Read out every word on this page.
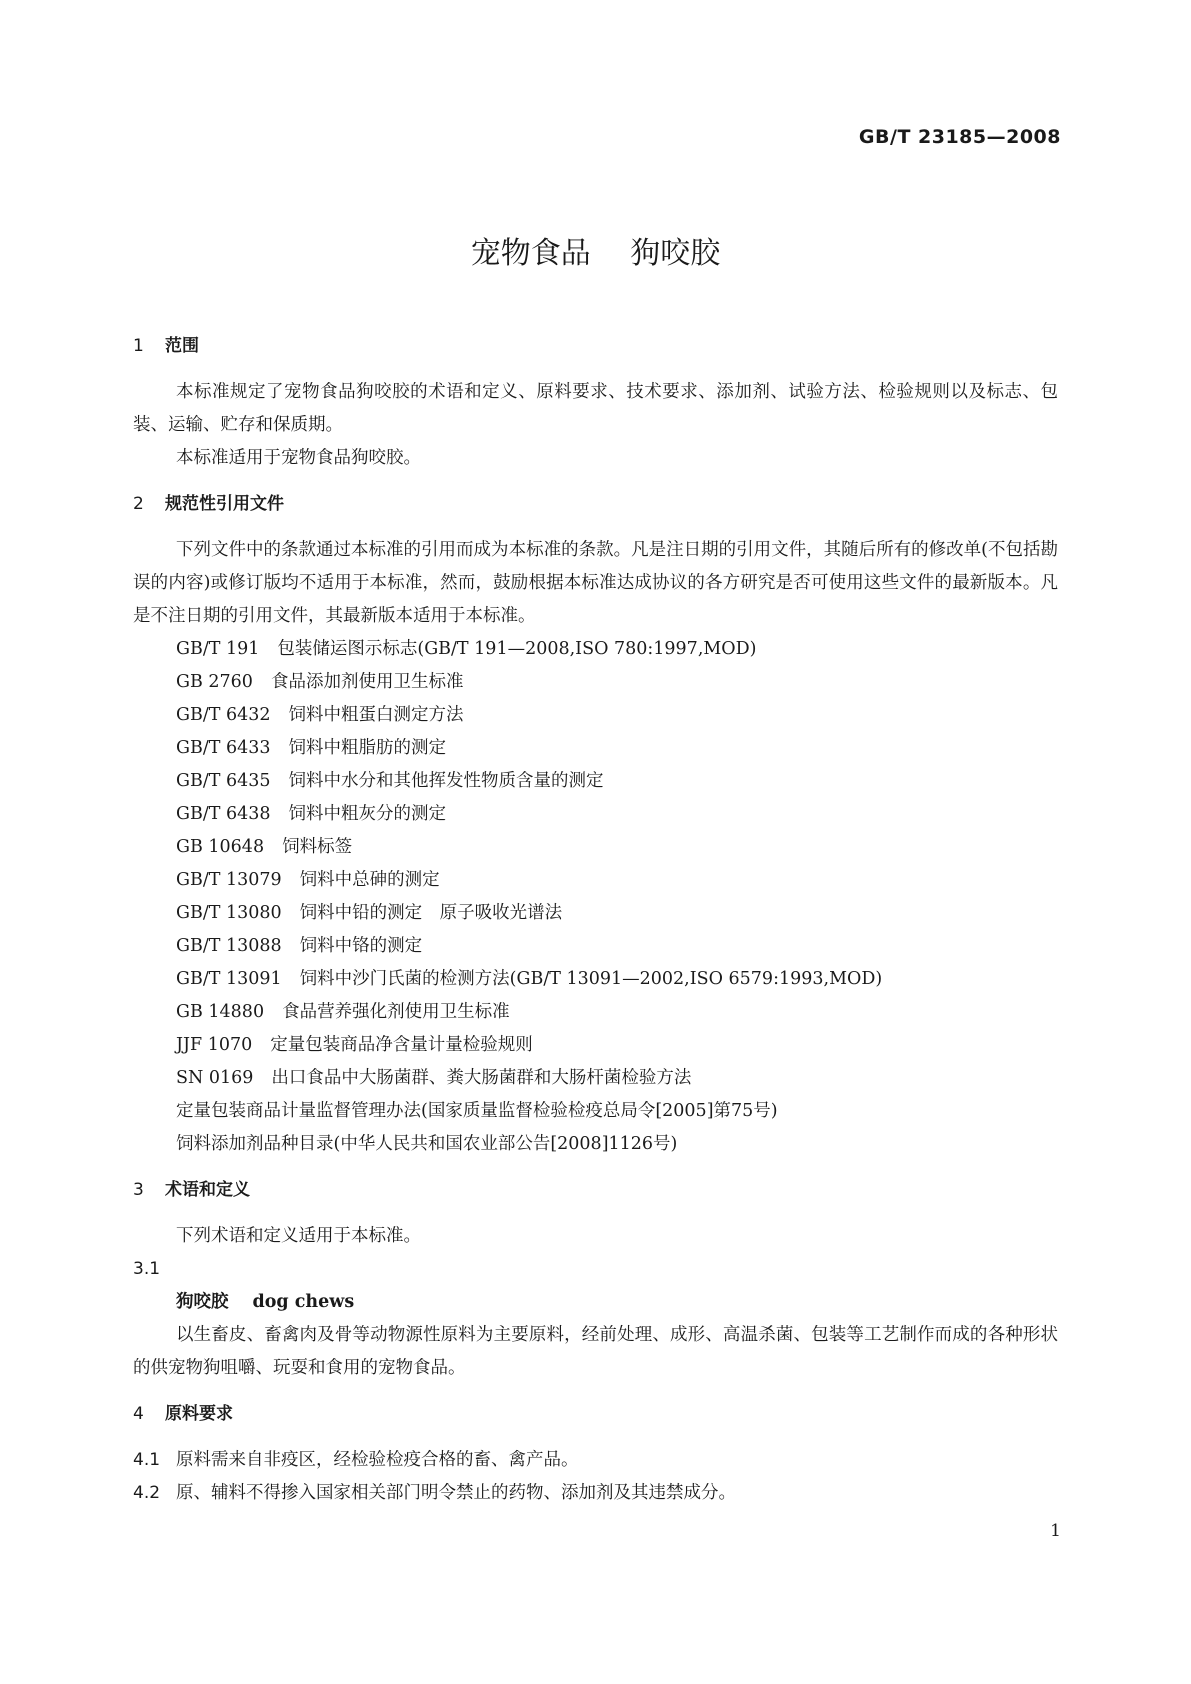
GB/T 23185—2008
宠物食品 狗咬胶
1 范围

本标准规定了宠物食品狗咬胶的术语和定义、原料要求、技术要求、添加剂、试验方法、检验规则以及标志、包装、运输、贮存和保质期。

本标准适用于宠物食品狗咬胶。

2 规范性引用文件

下列文件中的条款通过本标准的引用而成为本标准的条款。凡是注日期的引用文件，其随后所有的修改单(不包括勘误的内容)或修订版均不适用于本标准，然而，鼓励根据本标准达成协议的各方研究是否可使用这些文件的最新版本。凡是不注日期的引用文件，其最新版本适用于本标准。

GB/T 191 包装储运图示标志(GB/T 191—2008,ISO 780:1997,MOD)

GB 2760 食品添加剂使用卫生标准

GB/T 6432 饲料中粗蛋白测定方法

GB/T 6433 饲料中粗脂肪的测定

GB/T 6435 饲料中水分和其他挥发性物质含量的测定

GB/T 6438 饲料中粗灰分的测定

GB 10648 饲料标签

GB/T 13079 饲料中总砷的测定

GB/T 13080 饲料中铅的测定　原子吸收光谱法

GB/T 13088 饲料中铬的测定

GB/T 13091 饲料中沙门氏菌的检测方法(GB/T 13091—2002,ISO 6579:1993,MOD)

GB 14880 食品营养强化剂使用卫生标准

JJF 1070 定量包装商品净含量计量检验规则

SN 0169 出口食品中大肠菌群、粪大肠菌群和大肠杆菌检验方法

定量包装商品计量监督管理办法(国家质量监督检验检疫总局令[2005]第75号)

饲料添加剂品种目录(中华人民共和国农业部公告[2008]1126号)

3 术语和定义

下列术语和定义适用于本标准。

3.1

狗咬胶 dog chews

以生畜皮、畜禽肉及骨等动物源性原料为主要原料，经前处理、成形、高温杀菌、包装等工艺制作而成的各种形状的供宠物狗咀嚼、玩耍和食用的宠物食品。

4 原料要求

4.1 原料需来自非疫区，经检验检疫合格的畜、禽产品。

4.2 原、辅料不得掺入国家相关部门明令禁止的药物、添加剂及其违禁成分。

1
